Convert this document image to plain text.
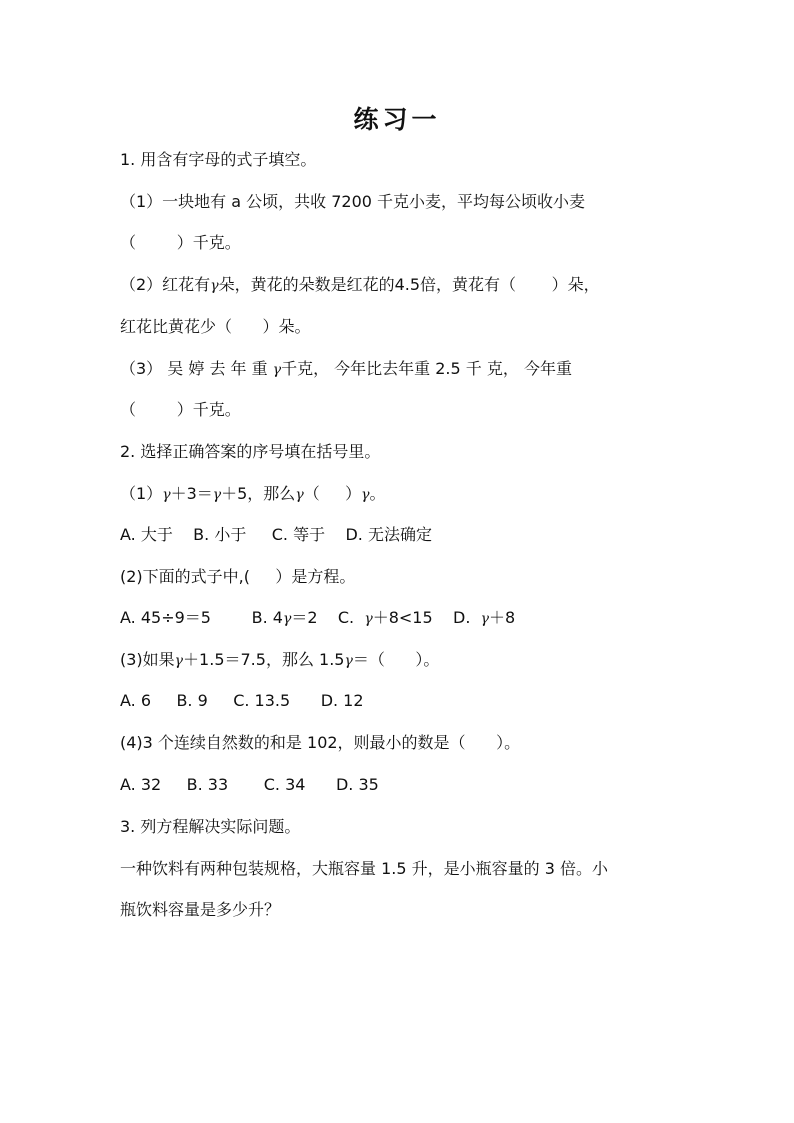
练习一
1. 用含有字母的式子填空。
（1）一块地有 a 公顷，共收 7200 千克小麦，平均每公顷收小麦
（        ）千克。
（2）红花有γ朵，黄花的朵数是红花的4.5倍，黄花有（       ）朵，
红花比黄花少（      ）朵。
（3） 吴 婷 去 年 重 γ千克， 今年比去年重 2.5 千 克， 今年重
（        ）千克。
2. 选择正确答案的序号填在括号里。
（1）γ＋3＝γ＋5，那么γ（     ）γ。
A. 大于    B. 小于     C. 等于    D. 无法确定
(2)下面的式子中,(     ）是方程。
A. 45÷9＝5        B. 4γ＝2    C.  γ＋8<15    D.  γ＋8
(3)如果γ＋1.5＝7.5，那么 1.5γ＝（      ）。
A. 6     B. 9     C. 13.5      D. 12
(4)3 个连续自然数的和是 102，则最小的数是（      ）。
A. 32     B. 33       C. 34      D. 35
3. 列方程解决实际问题。
一种饮料有两种包装规格，大瓶容量 1.5 升，是小瓶容量的 3 倍。小
瓶饮料容量是多少升？
